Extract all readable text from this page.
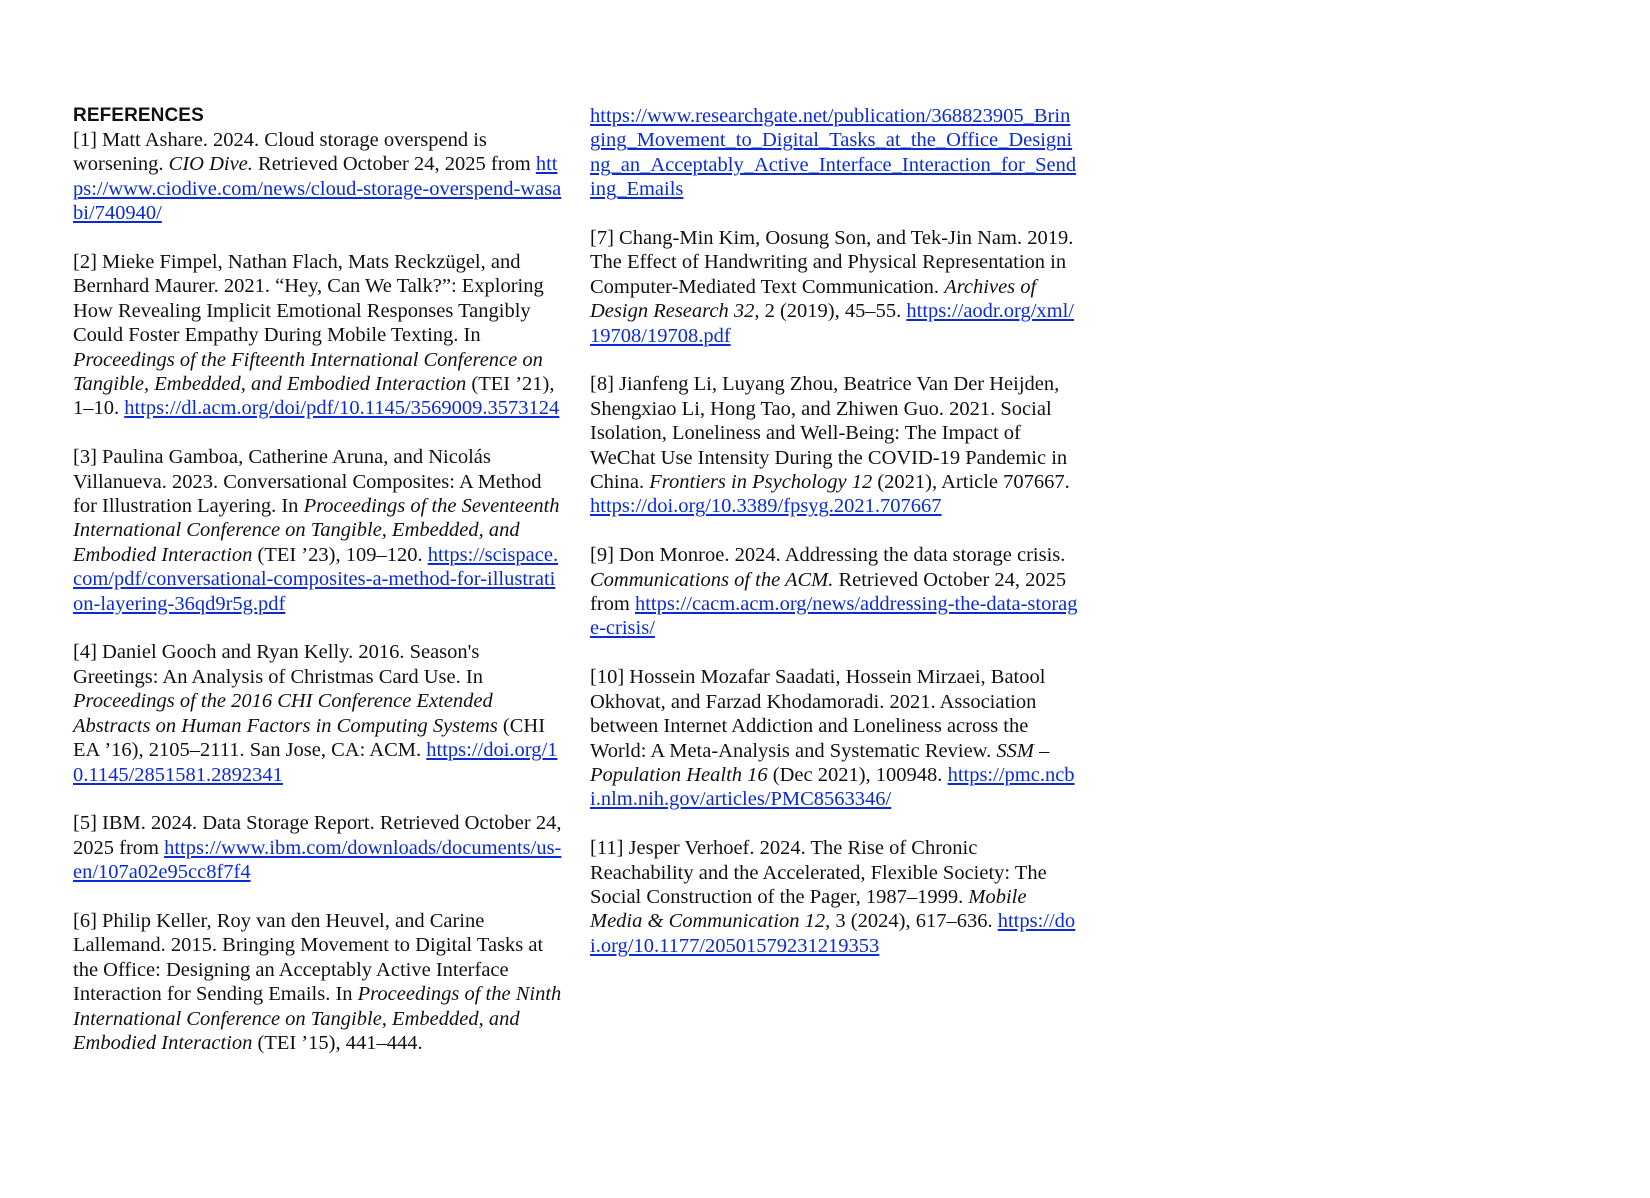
REFERENCES

[1] Matt Ashare. 2024. Cloud storage overspend is worsening. CIO Dive. Retrieved October 24, 2025 from https://www.ciodive.com/news/cloud-storage-overspend-wasabi/740940/

[2] Mieke Fimpel, Nathan Flach, Mats Reckzügel, and Bernhard Maurer. 2021. “Hey, Can We Talk?”: Exploring How Revealing Implicit Emotional Responses Tangibly Could Foster Empathy During Mobile Texting. In Proceedings of the Fifteenth International Conference on Tangible, Embedded, and Embodied Interaction (TEI ’21), 1–10. https://dl.acm.org/doi/pdf/10.1145/3569009.3573124

[3] Paulina Gamboa, Catherine Aruna, and Nicolás Villanueva. 2023. Conversational Composites: A Method for Illustration Layering. In Proceedings of the Seventeenth International Conference on Tangible, Embedded, and Embodied Interaction (TEI ’23), 109–120. https://scispace.com/pdf/conversational-composites-a-method-for-illustration-layering-36qd9r5g.pdf

[4] Daniel Gooch and Ryan Kelly. 2016. Season's Greetings: An Analysis of Christmas Card Use. In Proceedings of the 2016 CHI Conference Extended Abstracts on Human Factors in Computing Systems (CHI EA ’16), 2105–2111. San Jose, CA: ACM. https://doi.org/10.1145/2851581.2892341

[5] IBM. 2024. Data Storage Report. Retrieved October 24, 2025 from https://www.ibm.com/downloads/documents/us-en/107a02e95cc8f7f4

[6] Philip Keller, Roy van den Heuvel, and Carine Lallemand. 2015. Bringing Movement to Digital Tasks at the Office: Designing an Acceptably Active Interface Interaction for Sending Emails. In Proceedings of the Ninth International Conference on Tangible, Embedded, and Embodied Interaction (TEI ’15), 441–444.

https://www.researchgate.net/publication/368823905_Bringing_Movement_to_Digital_Tasks_at_the_Office_Designing_an_Acceptably_Active_Interface_Interaction_for_Sending_Emails

[7] Chang-Min Kim, Oosung Son, and Tek-Jin Nam. 2019. The Effect of Handwriting and Physical Representation in Computer-Mediated Text Communication. Archives of Design Research 32, 2 (2019), 45–55. https://aodr.org/xml/19708/19708.pdf

[8] Jianfeng Li, Luyang Zhou, Beatrice Van Der Heijden, Shengxiao Li, Hong Tao, and Zhiwen Guo. 2021. Social Isolation, Loneliness and Well-Being: The Impact of WeChat Use Intensity During the COVID-19 Pandemic in China. Frontiers in Psychology 12 (2021), Article 707667. https://doi.org/10.3389/fpsyg.2021.707667

[9] Don Monroe. 2024. Addressing the data storage crisis. Communications of the ACM. Retrieved October 24, 2025 from https://cacm.acm.org/news/addressing-the-data-storage-crisis/

[10] Hossein Mozafar Saadati, Hossein Mirzaei, Batool Okhovat, and Farzad Khodamoradi. 2021. Association between Internet Addiction and Loneliness across the World: A Meta-Analysis and Systematic Review. SSM – Population Health 16 (Dec 2021), 100948. https://pmc.ncbi.nlm.nih.gov/articles/PMC8563346/

[11] Jesper Verhoef. 2024. The Rise of Chronic Reachability and the Accelerated, Flexible Society: The Social Construction of the Pager, 1987–1999. Mobile Media & Communication 12, 3 (2024), 617–636. https://doi.org/10.1177/20501579231219353
